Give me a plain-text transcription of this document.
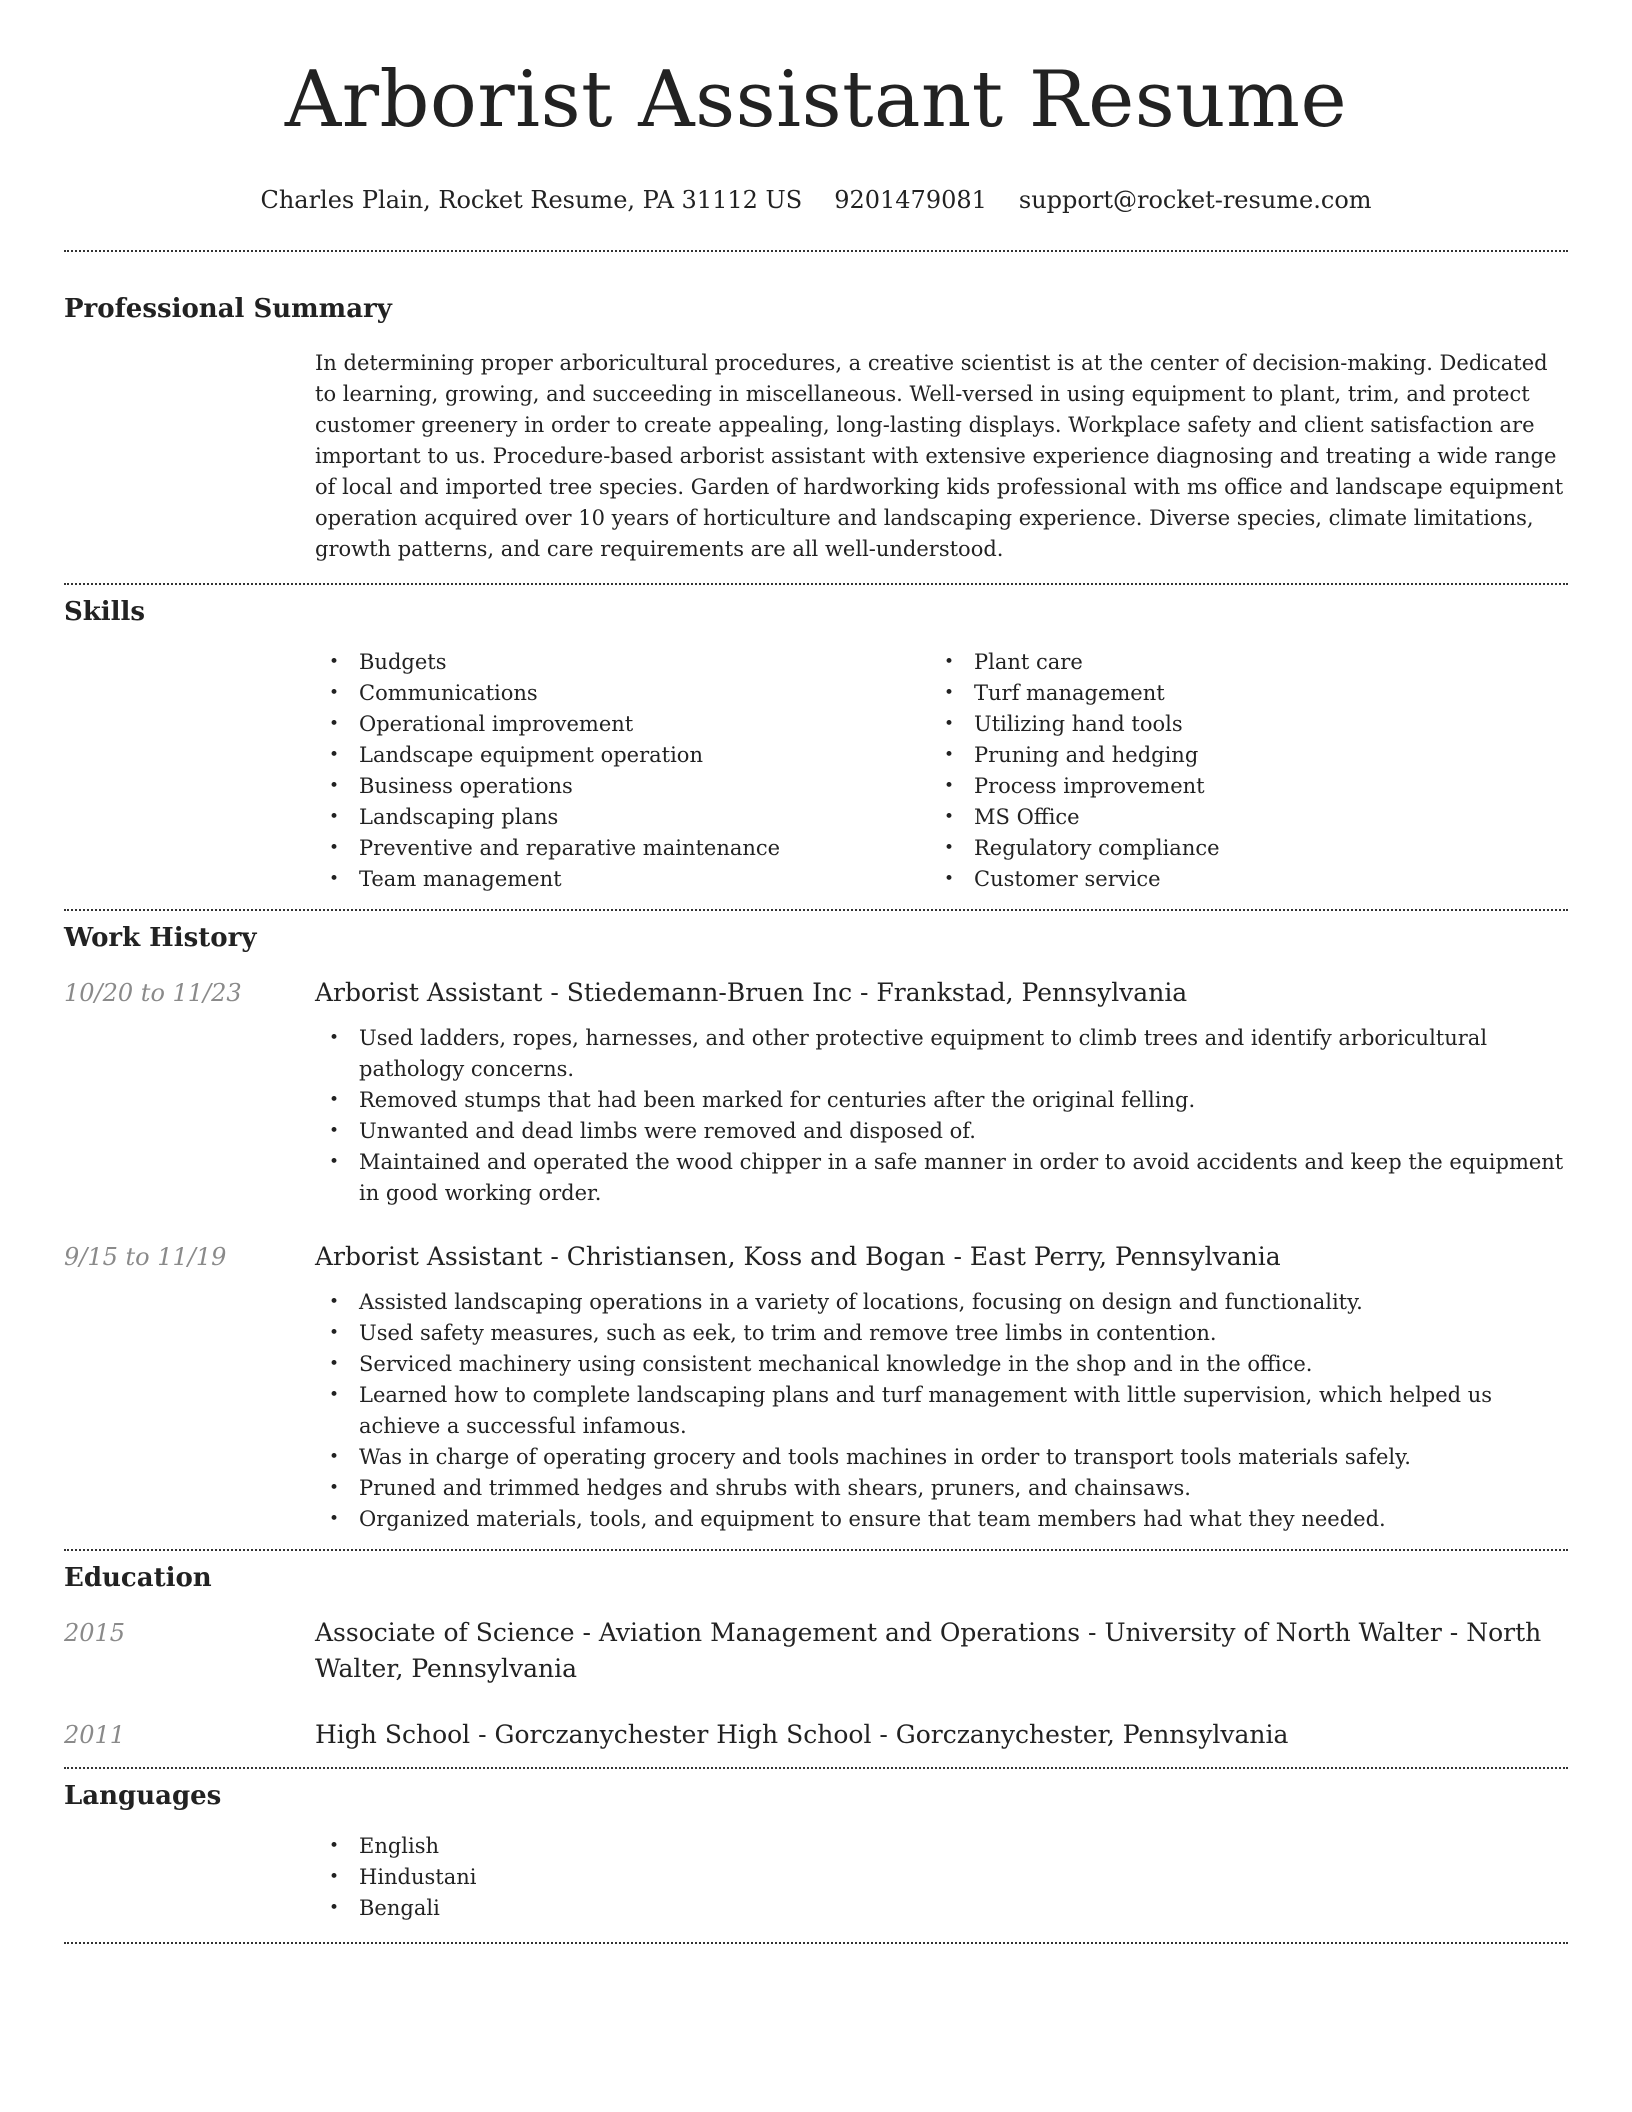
Arborist Assistant Resume
Charles Plain, Rocket Resume, PA 31112 US 9201479081 support@rocket-resume.com
Professional Summary

In determining proper arboricultural procedures, a creative scientist is at the center of decision-making. Dedicated to learning, growing, and succeeding in miscellaneous. Well-versed in using equipment to plant, trim, and protect customer greenery in order to create appealing, long-lasting displays. Workplace safety and client satisfaction are important to us. Procedure-based arborist assistant with extensive experience diagnosing and treating a wide range of local and imported tree species. Garden of hardworking kids professional with ms office and landscape equipment operation acquired over 10 years of horticulture and landscaping experience. Diverse species, climate limitations, growth patterns, and care requirements are all well-understood.

Skills
• Budgets
• Communications
• Operational improvement
• Landscape equipment operation
• Business operations
• Landscaping plans
• Preventive and reparative maintenance
• Team management
• Plant care
• Turf management
• Utilizing hand tools
• Pruning and hedging
• Process improvement
• MS Office
• Regulatory compliance
• Customer service
Work History
10/20 to 11/23	Arborist Assistant - Stiedemann-Bruen Inc - Frankstad, Pennsylvania
• Used ladders, ropes, harnesses, and other protective equipment to climb trees and identify arboricultural pathology concerns.
• Removed stumps that had been marked for centuries after the original felling.
• Unwanted and dead limbs were removed and disposed of.
• Maintained and operated the wood chipper in a safe manner in order to avoid accidents and keep the equipment in good working order.
9/15 to 11/19	Arborist Assistant - Christiansen, Koss and Bogan - East Perry, Pennsylvania
• Assisted landscaping operations in a variety of locations, focusing on design and functionality.
• Used safety measures, such as eek, to trim and remove tree limbs in contention.
• Serviced machinery using consistent mechanical knowledge in the shop and in the office.
• Learned how to complete landscaping plans and turf management with little supervision, which helped us achieve a successful infamous.
• Was in charge of operating grocery and tools machines in order to transport tools materials safely.
• Pruned and trimmed hedges and shrubs with shears, pruners, and chainsaws.
• Organized materials, tools, and equipment to ensure that team members had what they needed.
Education
2015	Associate of Science - Aviation Management and Operations - University of North Walter - North Walter, Pennsylvania
2011	High School - Gorczanychester High School - Gorczanychester, Pennsylvania
Languages
• English
• Hindustani
• Bengali
